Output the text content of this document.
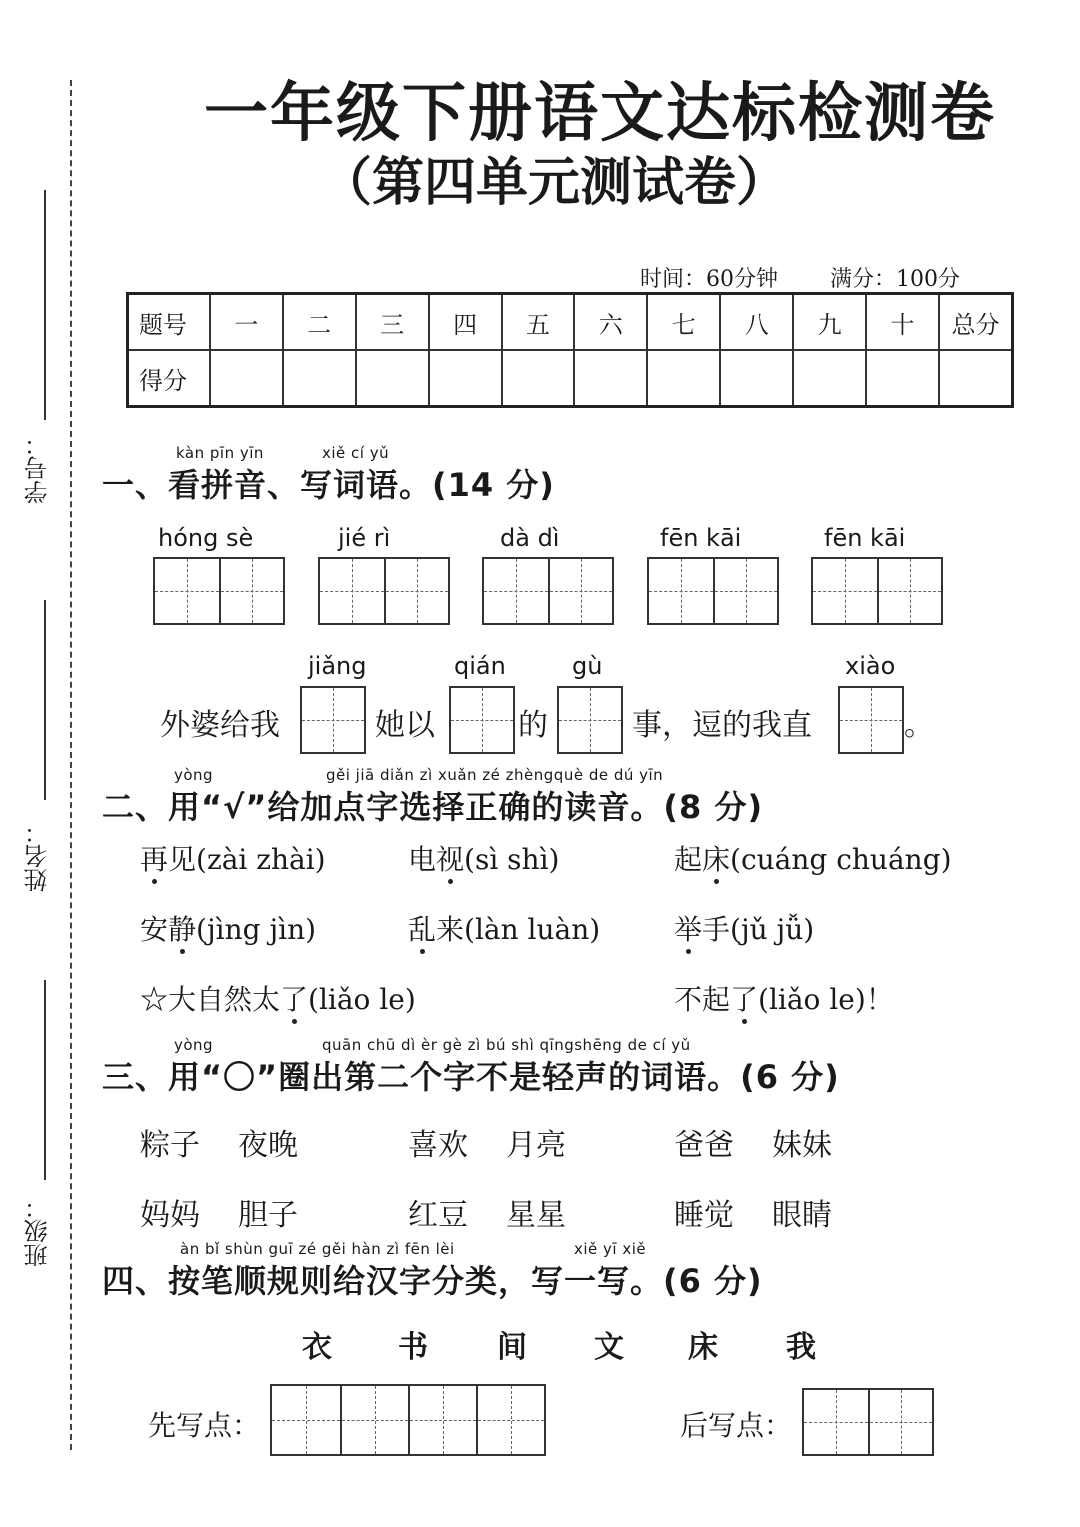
学号：
姓名：
班级：
一年级下册语文达标检测卷
（第四单元测试卷）
时间：60分钟 满分：100分
题号	一	二	三	四	五	六	七	八	九	十	总分
得分											
kàn pīn yīn	xiě cí yǔ
一、看拼音、写词语。(14 分)
hóng sè	jié rì	dà dì	fēn kāi	fēn kāi
jiǎng	qián	gù	xiào
外婆给我	她以	的	事，逗的我直	。
yòng	gěi jiā diǎn zì xuǎn zé zhèngquè de dú yīn
二、用“√”给加点字选择正确的读音。(8 分)
再见(zài zhài)	电视(sì shì)	起床(cuáng chuáng)
安静(jìng jìn)	乱来(làn luàn)	举手(jǔ jǚ)
☆大自然太了(liǎo le)	不起了(liǎo le)！
yòng	quān chū dì èr gè zì bú shì qīngshēng de cí yǔ
三、用“〇”圈出第二个字不是轻声的词语。(6 分)
粽子 夜晚	喜欢 月亮	爸爸 妹妹
妈妈 胆子	红豆 星星	睡觉 眼睛
àn bǐ shùn guī zé gěi hàn zì fēn lèi	xiě yī xiě
四、按笔顺规则给汉字分类，写一写。(6 分)
衣 书 间 文 床 我
先写点：	后写点：
